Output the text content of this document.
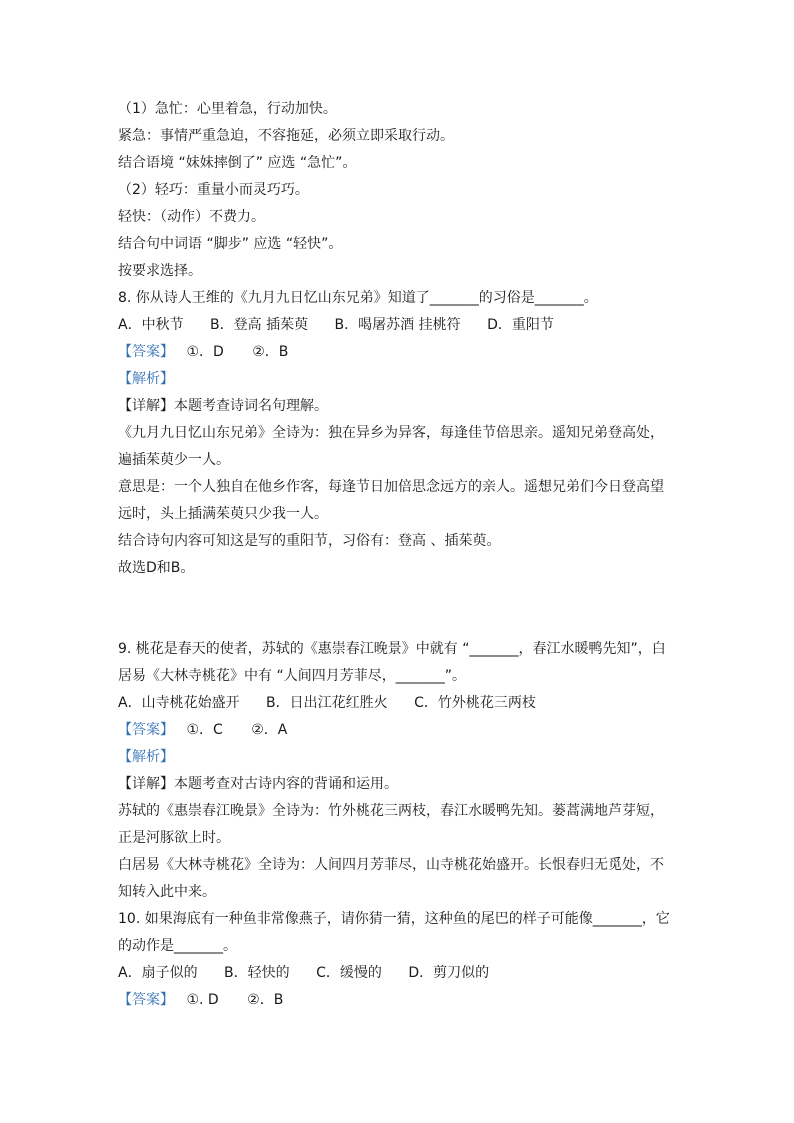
（1）急忙：心里着急，行动加快。
紧急：事情严重急迫，不容拖延，必须立即采取行动。
结合语境 “妹妹摔倒了” 应选 “急忙”。
（2）轻巧：重量小而灵巧巧。
轻快：（动作）不费力。
结合句中词语 “脚步” 应选 “轻快”。
按要求选择。
8. 你从诗人王维的《九月九日忆山东兄弟》知道了_______的习俗是_______。
A．中秋节 B．登高 插茱萸 B．喝屠苏酒 挂桃符 D．重阳节
【答案】 ①．D ②．B
【解析】
【详解】本题考查诗词名句理解。
《九月九日忆山东兄弟》全诗为：独在异乡为异客，每逢佳节倍思亲。遥知兄弟登高处，
遍插茱萸少一人。
意思是：一个人独自在他乡作客，每逢节日加倍思念远方的亲人。遥想兄弟们今日登高望
远时，头上插满茱萸只少我一人。
结合诗句内容可知这是写的重阳节，习俗有：登高 、插茱萸。
故选D和B。
9. 桃花是春天的使者，苏轼的《惠崇春江晚景》中就有 “_______，春江水暖鸭先知”，白
居易《大林寺桃花》中有 “人间四月芳菲尽，_______”。
A．山寺桃花始盛开 B．日出江花红胜火 C．竹外桃花三两枝
【答案】 ①．C ②．A
【解析】
【详解】本题考查对古诗内容的背诵和运用。
苏轼的《惠崇春江晚景》全诗为：竹外桃花三两枝，春江水暖鸭先知。蒌蒿满地芦芽短，
正是河豚欲上时。
白居易《大林寺桃花》全诗为：人间四月芳菲尽，山寺桃花始盛开。长恨春归无觅处，不
知转入此中来。
10. 如果海底有一种鱼非常像燕子，请你猜一猜，这种鱼的尾巴的样子可能像_______，它
的动作是_______。
A．扇子似的 B．轻快的 C．缓慢的 D．剪刀似的
【答案】 ①. D ②．B
